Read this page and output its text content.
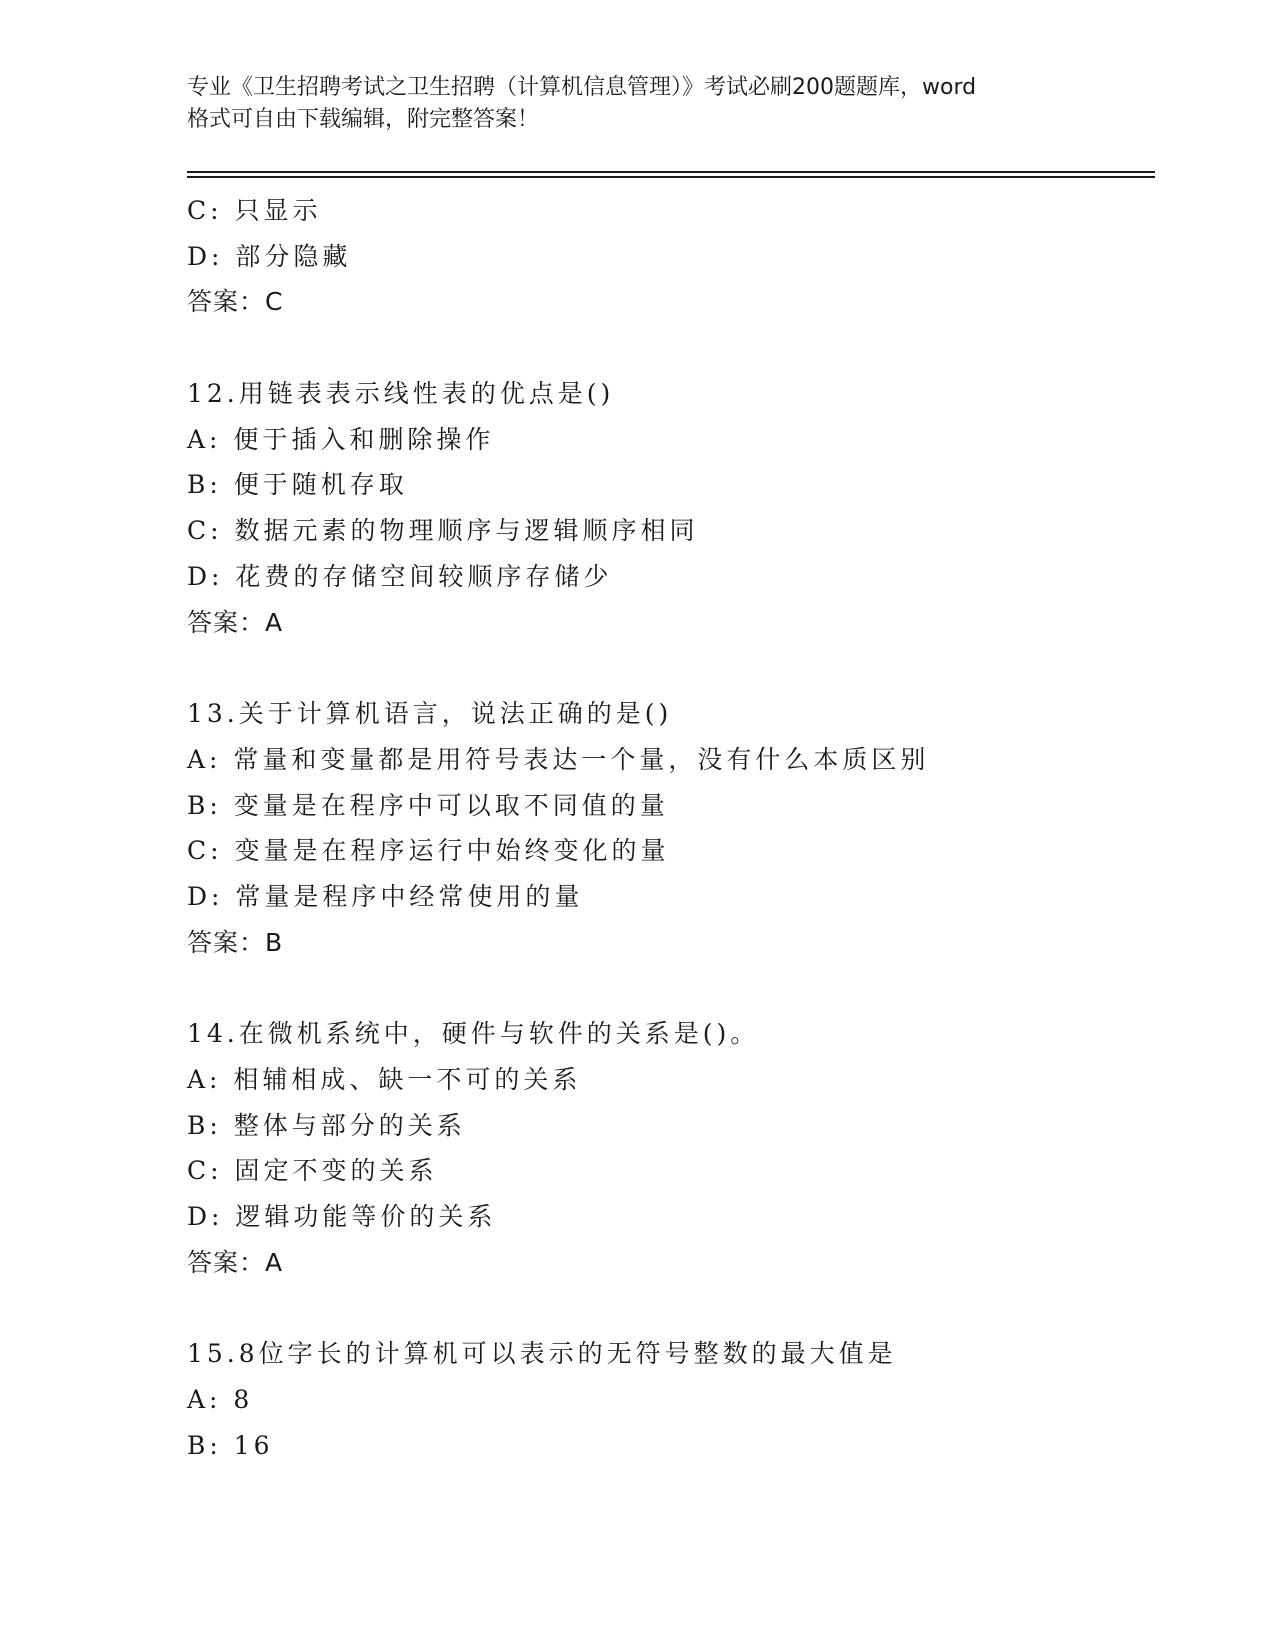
专业《卫生招聘考试之卫生招聘（计算机信息管理）》考试必刷200题题库，word
格式可自由下载编辑，附完整答案！
C: 只显示
D: 部分隐藏
答案：C
12.用链表表示线性表的优点是()
A: 便于插入和删除操作
B: 便于随机存取
C: 数据元素的物理顺序与逻辑顺序相同
D: 花费的存储空间较顺序存储少
答案：A
13.关于计算机语言，说法正确的是()
A: 常量和变量都是用符号表达一个量，没有什么本质区别
B: 变量是在程序中可以取不同值的量
C: 变量是在程序运行中始终变化的量
D: 常量是程序中经常使用的量
答案：B
14.在微机系统中，硬件与软件的关系是()。
A: 相辅相成、缺一不可的关系
B: 整体与部分的关系
C: 固定不变的关系
D: 逻辑功能等价的关系
答案：A
15.8位字长的计算机可以表示的无符号整数的最大值是
A: 8
B: 16
